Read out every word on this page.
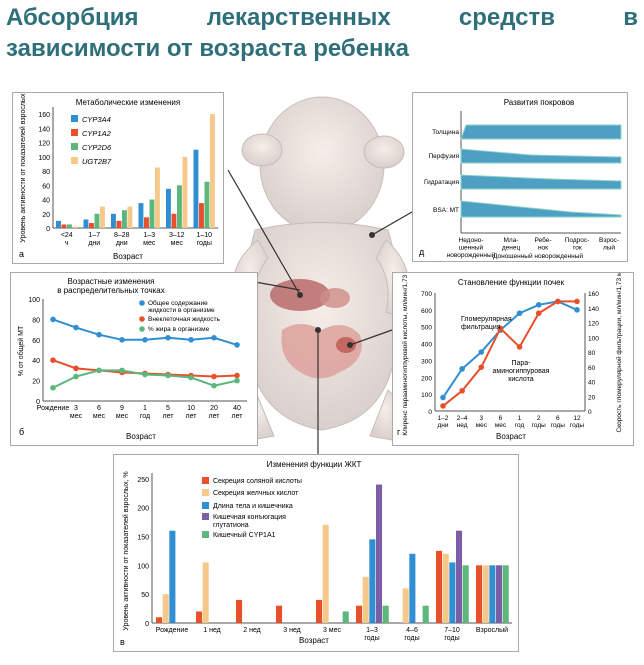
Абсорбция	лекарственных	средств	в
зависимости от возраста ребенка
Метаболические изменения
0
20
40
60
80
100
120
140
160
<24
ч
1–7
дни
8–28
дни
1–3
мес
3–12
мес
1–10
годы
Возраст
а
Уровень активности от показателей взрослых, %	CYP3A4
CYP1A2
CYP2D6
UGT2B7
Возрастные изменения
в распределительных точках
0
20
40
60
80
100
Рождение 3
мес
6
мес
9
мес
1
год
5
лет
10
лет
20
лет
40
лет
Возраст
б
% от общей МТ
Общее содержание жидкости в организме
Внеклеточная жидкость
% жира в организме
Развития покровов
Толщина
Перфузия
Гидратация
BSA: МТ
Недоно-
шенный
новорожденный
Мла-
денец
Ребе-
нок
Подрос-
ток
Взрос-
лый
Доношенный новорожденный
д
Становление функции почек
0
100
200
300
400
500
600
700
0
20
40
60
80
100
120
140
160
1–2
дни
2–4
нед
3
мес
6
мес
1
год
2
годы
6
годы
12
годы
Гломерулярная
фильтрация
Пара-
аминогиппуровая
кислота
Возраст
г Клиренс парааминогиппуровой кислоты, мл/мин/1,73 м²	Скорость гломерулярной фильтрации, мл/мин/1,73 м²
Изменения функции ЖКТ
0
50
100
150
200
250
Рождение 1 нед	2 нед	3 нед	3 мес	1–3
годы
4–6
годы
7–10
годы
Взрослый
Возраст
в
Уровень активности от показателей взрослых, %	Секреция соляной кислоты
Секреция желчных кислот
Длина тела и кишечника
Кишечная конъюгация глутатиона
Кишечный CYP1A1
